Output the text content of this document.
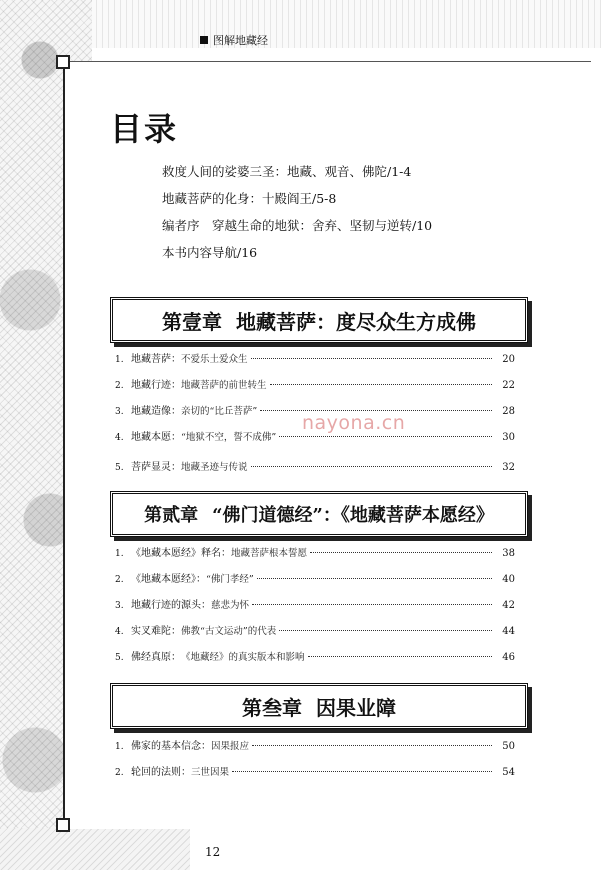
图解地藏经
目录
救度人间的娑婆三圣：地藏、观音、佛陀/1-4
地藏菩萨的化身：十殿阎王/5-8
编者序　穿越生命的地狱：舍弃、坚韧与逆转/10
本书内容导航/16
第壹章 地藏菩萨：度尽众生方成佛
1. 地藏菩萨： 不爱乐土爱众生	20
2. 地藏行迹： 地藏菩萨的前世转生	22
3. 地藏造像： 亲切的“比丘菩萨”	28
4. 地藏本愿： “地狱不空，誓不成佛”	30
5. 菩萨显灵： 地藏圣迹与传说	32
nayona.cn
第贰章 “佛门道德经”：《地藏菩萨本愿经》
1. 《地藏本愿经》释名： 地藏菩萨根本誓愿	38
2. 《地藏本愿经》： “佛门孝经”	40
3. 地藏行迹的源头： 慈悲为怀	42
4. 实叉难陀： 佛教“古文运动”的代表	44
5. 佛经真原： 《地藏经》的真实版本和影响	46
第叁章 因果业障
1. 佛家的基本信念： 因果报应	50
2. 轮回的法则： 三世因果	54
12
